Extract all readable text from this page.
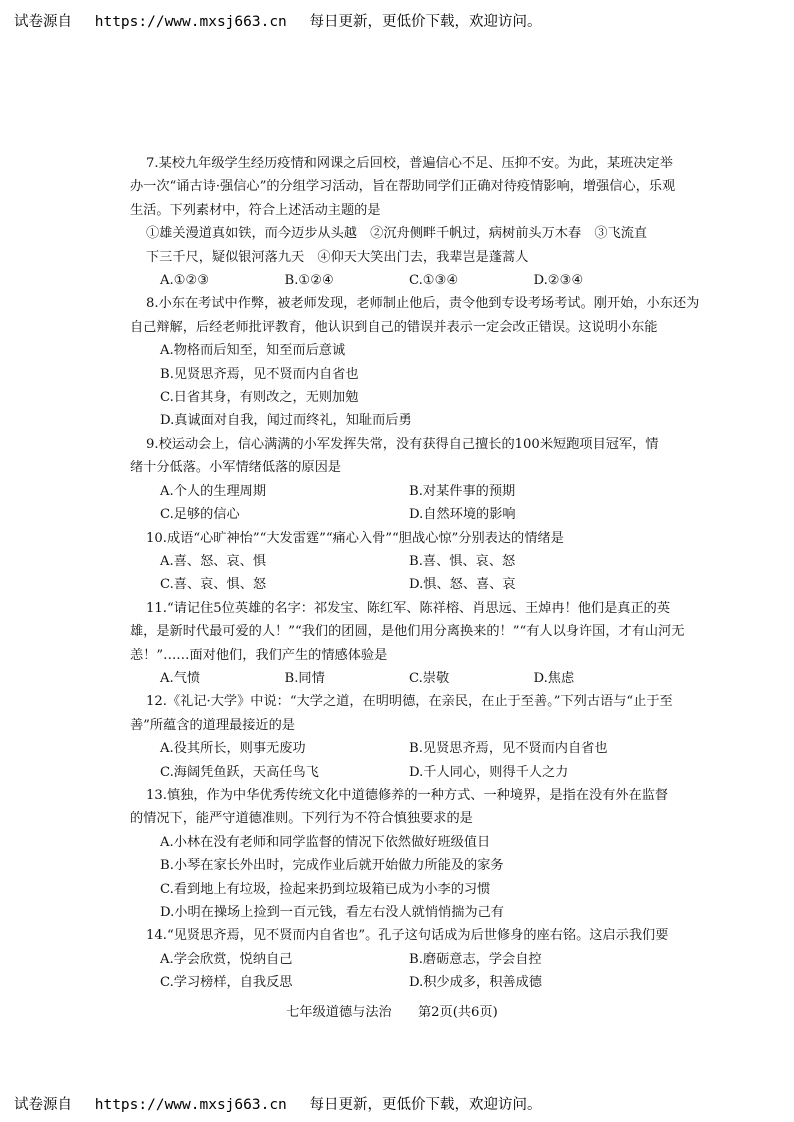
试卷源自 https://www.mxsj663.cn 每日更新，更低价下载，欢迎访问。
7.某校九年级学生经历疫情和网课之后回校，普遍信心不足、压抑不安。为此，某班决定举
办一次“诵古诗·强信心”的分组学习活动，旨在帮助同学们正确对待疫情影响，增强信心，乐观
生活。下列素材中，符合上述活动主题的是
①雄关漫道真如铁，而今迈步从头越　②沉舟侧畔千帆过，病树前头万木春　③飞流直
下三千尺，疑似银河落九天　④仰天大笑出门去，我辈岂是蓬蒿人
A.①②③	B.①②④	C.①③④	D.②③④
8.小东在考试中作弊，被老师发现，老师制止他后，责令他到专设考场考试。刚开始，小东还为
自己辩解，后经老师批评教育，他认识到自己的错误并表示一定会改正错误。这说明小东能
A.物格而后知至，知至而后意诚
B.见贤思齐焉，见不贤而内自省也
C.日省其身，有则改之，无则加勉
D.真诚面对自我，闻过而终礼，知耻而后勇
9.校运动会上，信心满满的小军发挥失常，没有获得自己擅长的100米短跑项目冠军，情
绪十分低落。小军情绪低落的原因是
A.个人的生理周期	B.对某件事的预期
C.足够的信心	D.自然环境的影响
10.成语“心旷神怡”“大发雷霆”“痛心入骨”“胆战心惊”分别表达的情绪是
A.喜、怒、哀、惧	B.喜、惧、哀、怒
C.喜、哀、惧、怒	D.惧、怒、喜、哀
11.“请记住5位英雄的名字：祁发宝、陈红军、陈祥榕、肖思远、王焯冉！他们是真正的英
雄，是新时代最可爱的人！”“我们的团圆，是他们用分离换来的！”“有人以身许国，才有山河无
恙！”……面对他们，我们产生的情感体验是
A.气愤	B.同情	C.崇敬	D.焦虑
12.《礼记·大学》中说：“大学之道，在明明德，在亲民，在止于至善。”下列古语与“止于至
善”所蕴含的道理最接近的是
A.役其所长，则事无废功	B.见贤思齐焉，见不贤而内自省也
C.海阔凭鱼跃，天高任鸟飞	D.千人同心，则得千人之力
13.慎独，作为中华优秀传统文化中道德修养的一种方式、一种境界，是指在没有外在监督
的情况下，能严守道德准则。下列行为不符合慎独要求的是
A.小林在没有老师和同学监督的情况下依然做好班级值日
B.小琴在家长外出时，完成作业后就开始做力所能及的家务
C.看到地上有垃圾，捡起来扔到垃圾箱已成为小李的习惯
D.小明在操场上捡到一百元钱，看左右没人就悄悄揣为己有
14.“见贤思齐焉，见不贤而内自省也”。孔子这句话成为后世修身的座右铭。这启示我们要
A.学会欣赏，悦纳自己	B.磨砺意志，学会自控
C.学习榜样，自我反思	D.积少成多，积善成德
七年级道德与法治 第2页(共6页)
试卷源自 https://www.mxsj663.cn 每日更新，更低价下载，欢迎访问。
